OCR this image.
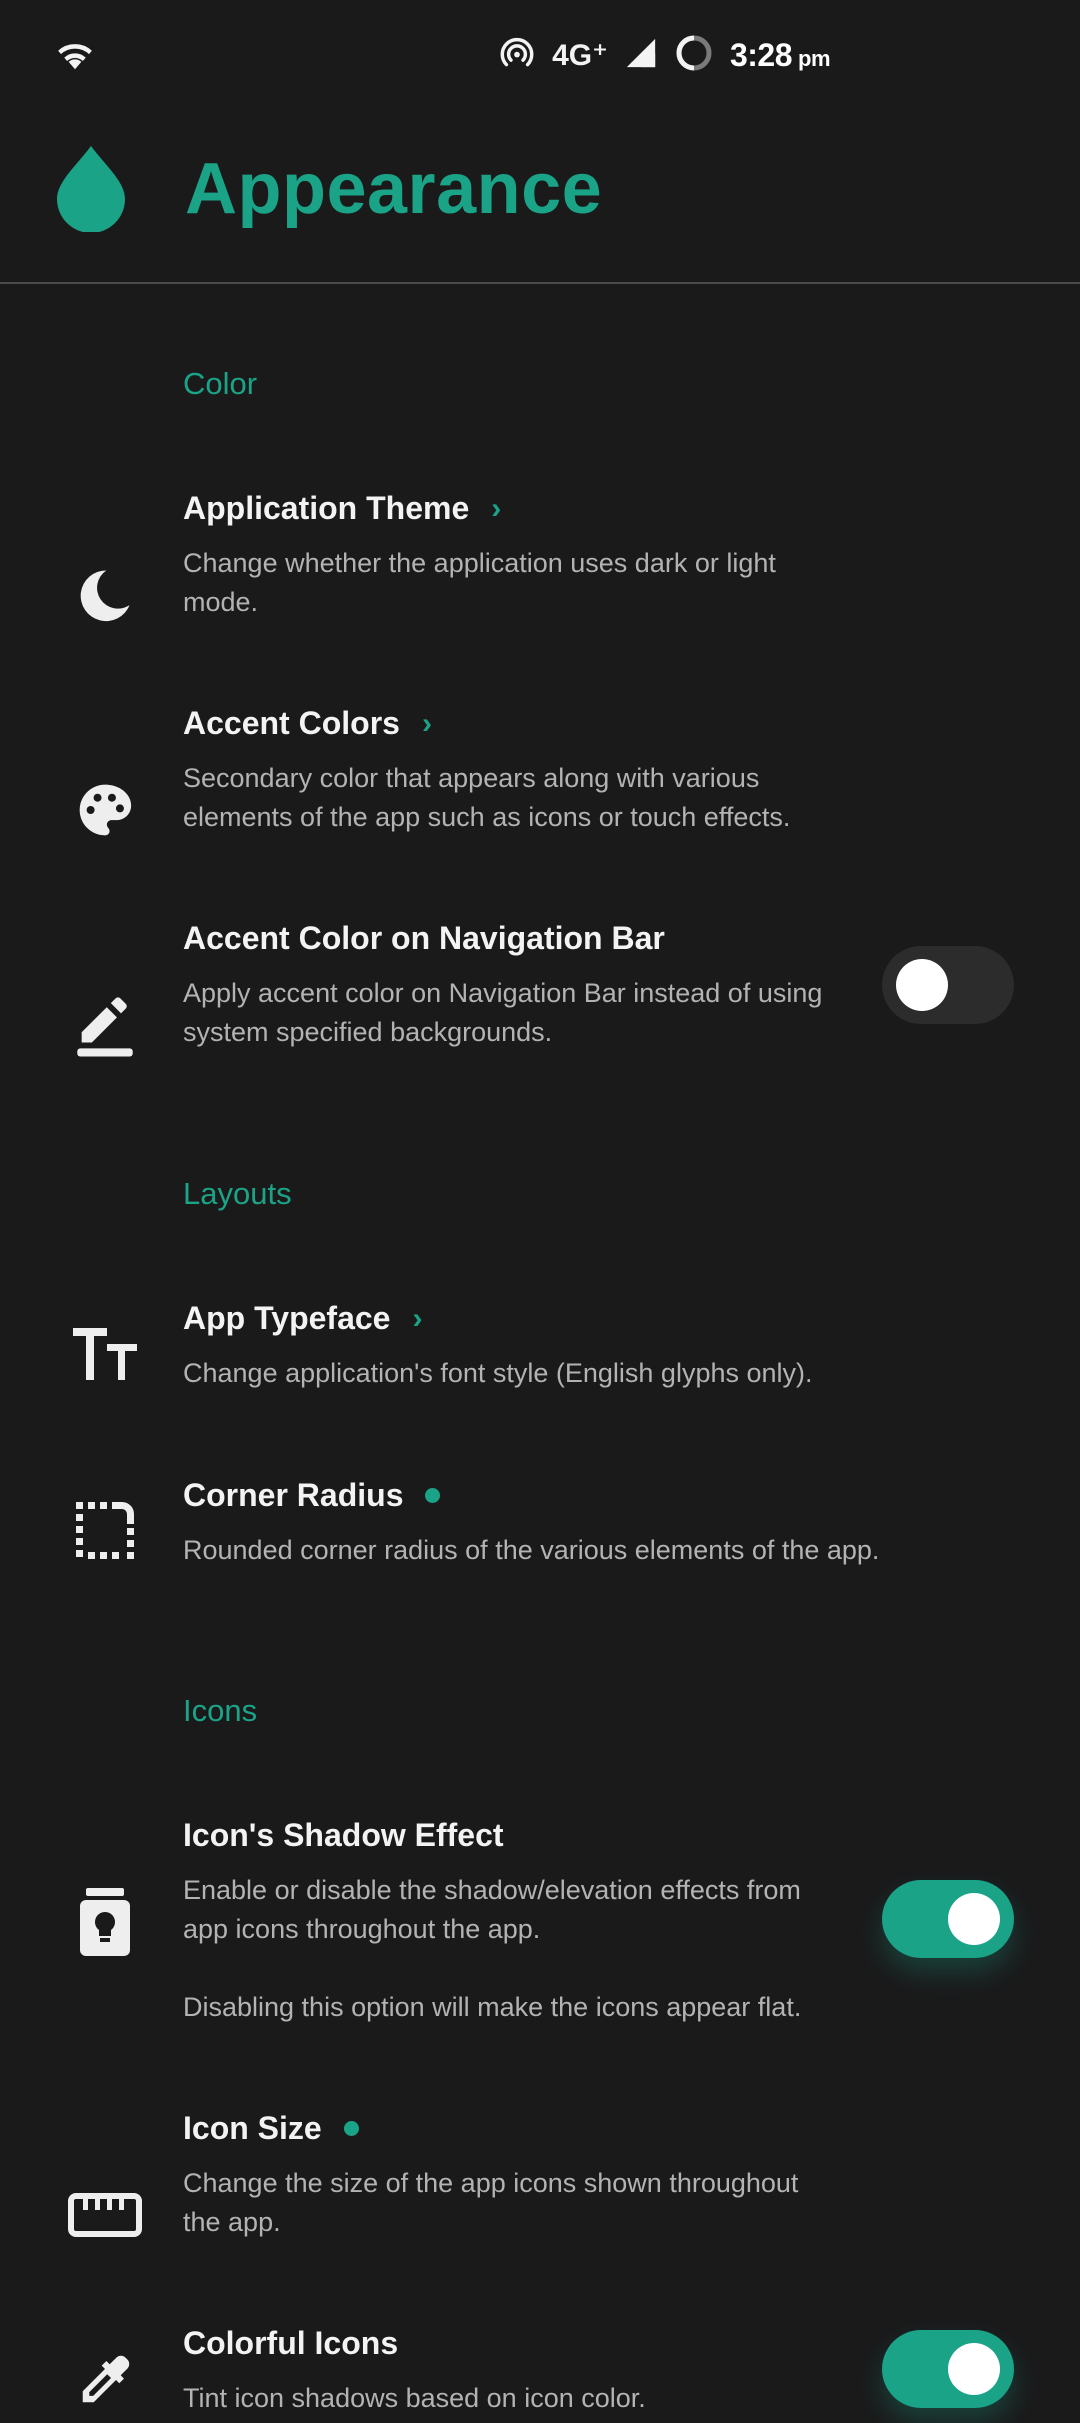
4G⁺	3:28 pm
Appearance
Color
Application Theme ›
Change whether the application uses dark or light mode.
Accent Colors ›
Secondary color that appears along with various elements of the app such as icons or touch effects.
Accent Color on Navigation Bar
Apply accent color on Navigation Bar instead of using system specified backgrounds.
Layouts
App Typeface ›
Change application's font style (English glyphs only).
Corner Radius
Rounded corner radius of the various elements of the app.
Icons
Icon's Shadow Effect
Enable or disable the shadow/elevation effects from app icons throughout the app.
Disabling this option will make the icons appear flat.
Icon Size
Change the size of the app icons shown throughout the app.
Colorful Icons
Tint icon shadows based on icon color.
